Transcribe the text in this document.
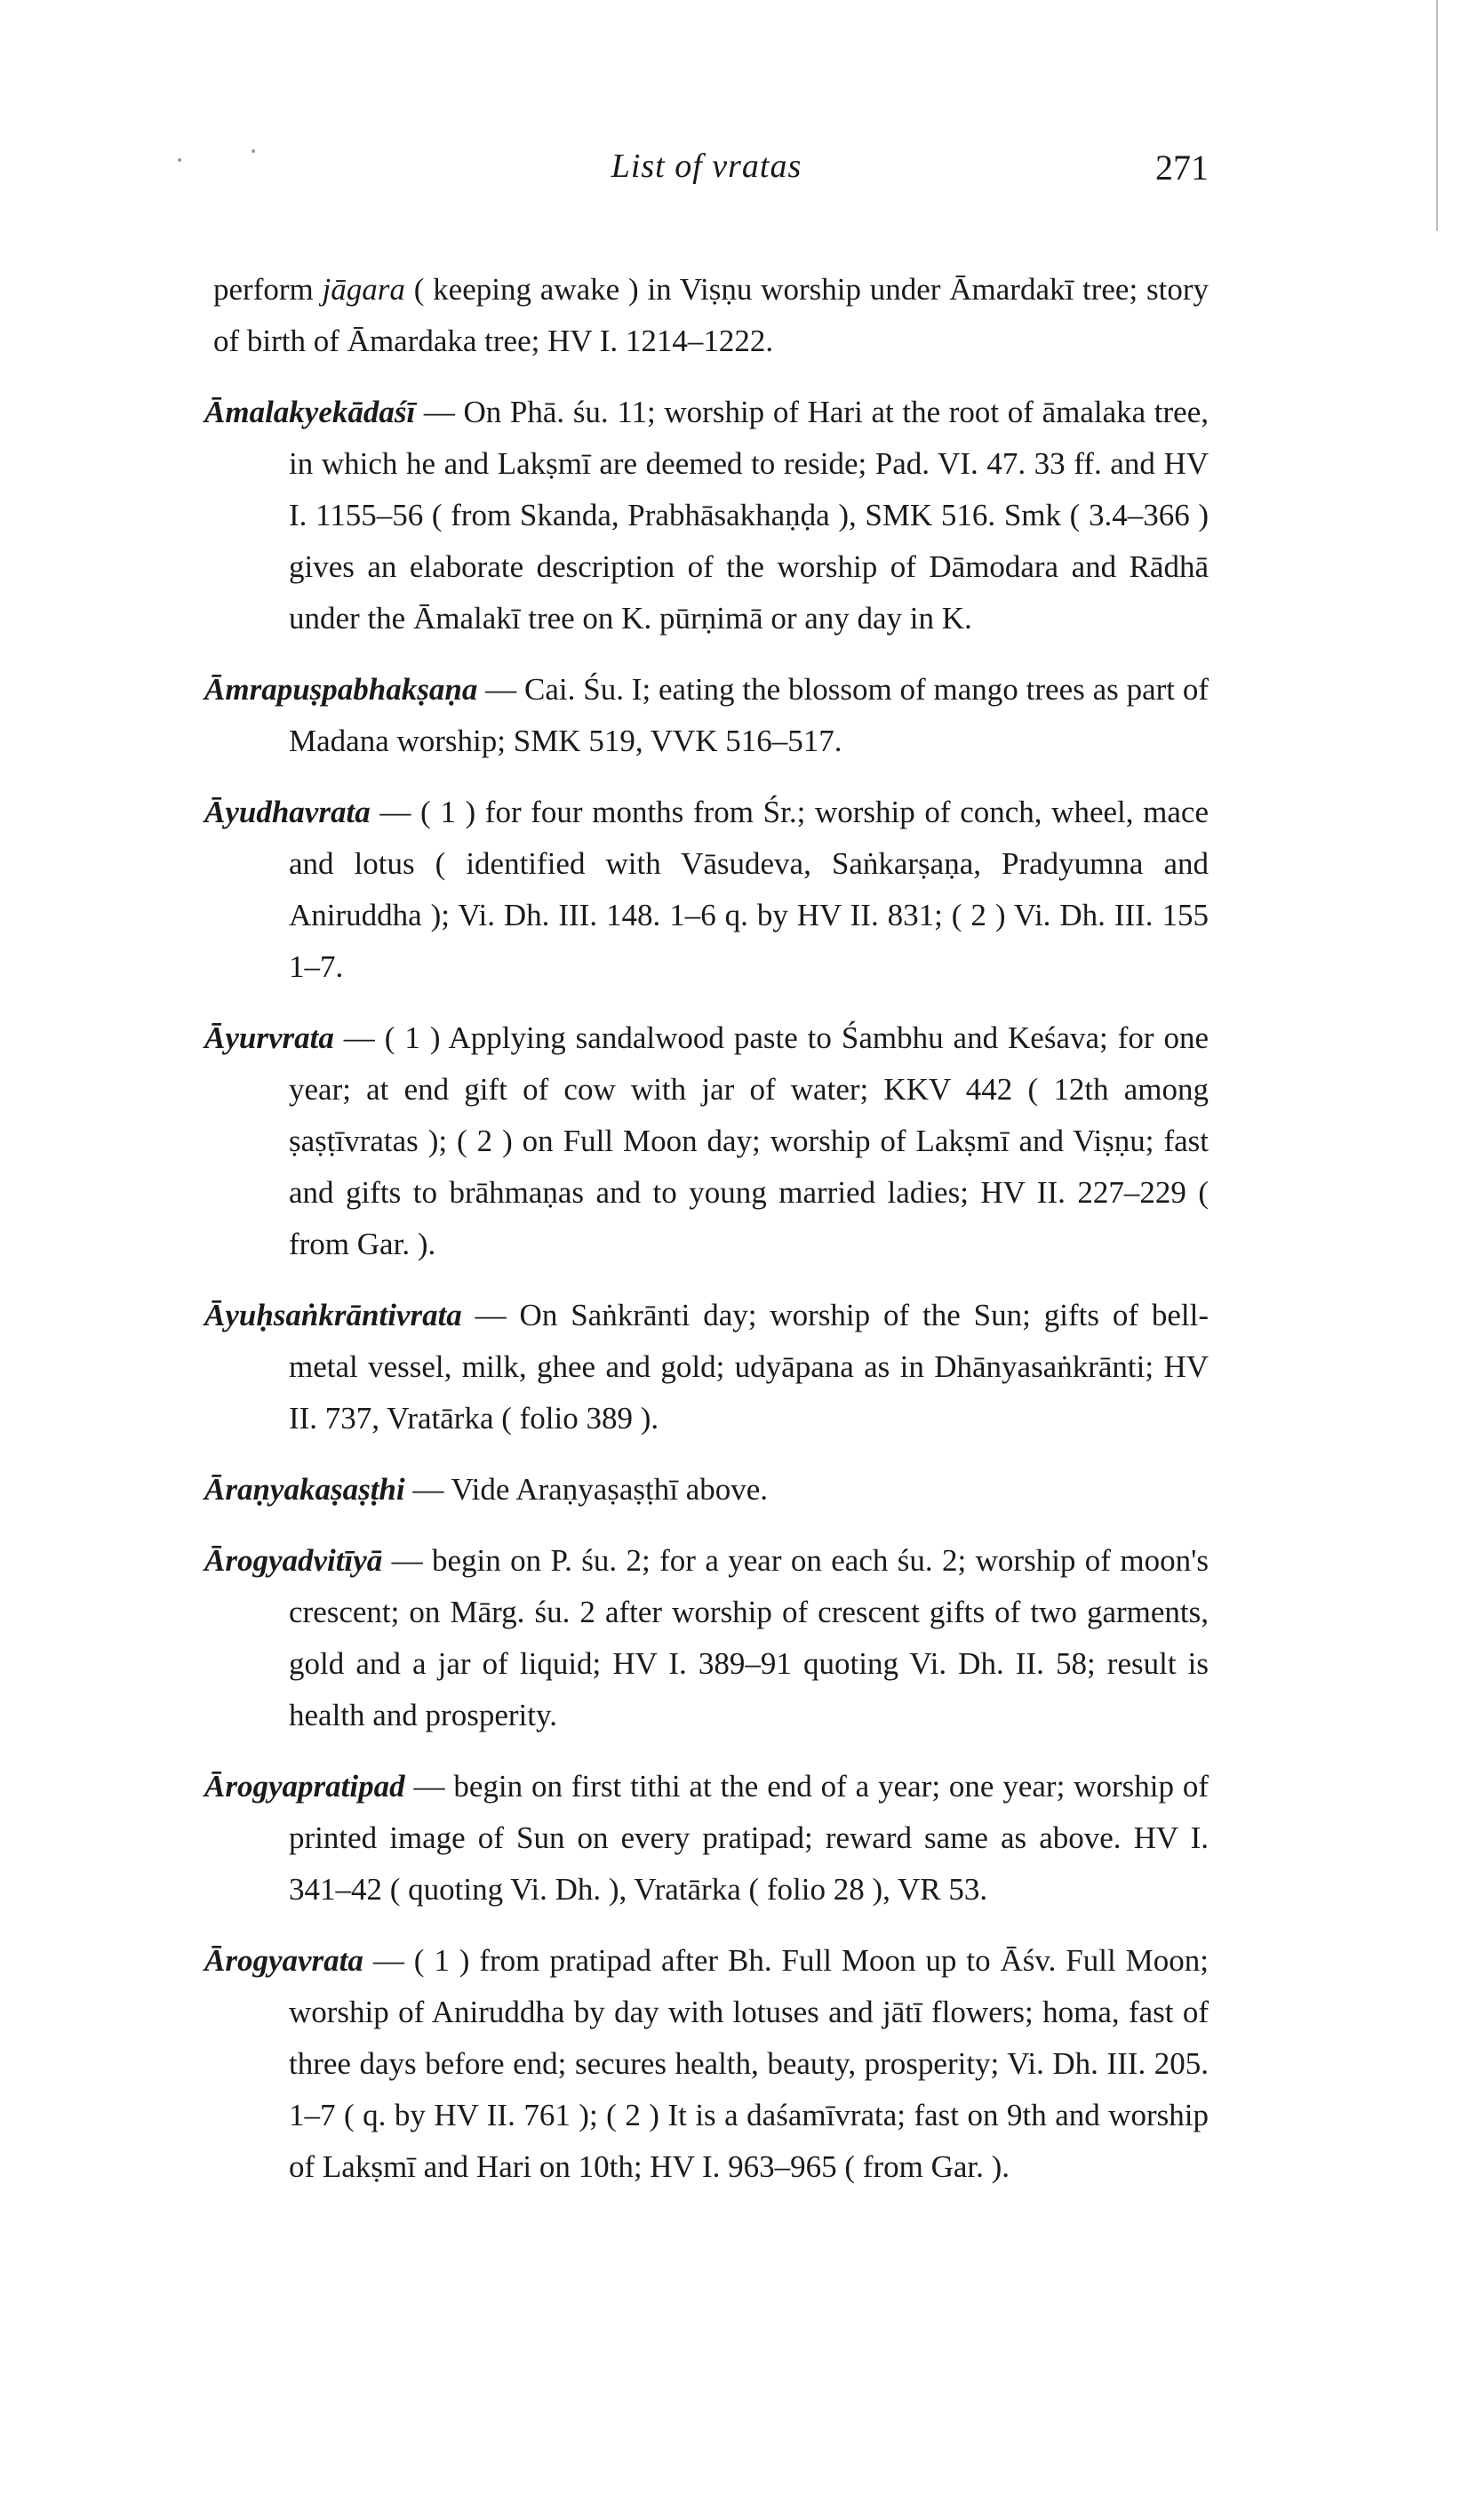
List of vratas	271

perform jāgara ( keeping awake ) in Viṣṇu worship under Āmardakī tree; story of birth of Āmardaka tree; HV I. 1214–1222.

Āmalakyekādaśī — On Phā. śu. 11; worship of Hari at the root of āmalaka tree, in which he and Lakṣmī are deemed to reside; Pad. VI. 47. 33 ff. and HV I. 1155–56 ( from Skanda, Prabhāsakhaṇḍa ), SMK 516. Smk ( 3.4–366 ) gives an elaborate description of the worship of Dāmodara and Rādhā under the Āmalakī tree on K. pūrṇimā or any day in K.

Āmrapuṣpabhakṣaṇa — Cai. Śu. I; eating the blossom of mango trees as part of Madana worship; SMK 519, VVK 516–517.

Āyudhavrata — ( 1 ) for four months from Śr.; worship of conch, wheel, mace and lotus ( identified with Vāsudeva, Saṅkarṣaṇa, Pradyumna and Aniruddha ); Vi. Dh. III. 148. 1–6 q. by HV II. 831; ( 2 ) Vi. Dh. III. 155 1–7.

Āyurvrata — ( 1 ) Applying sandalwood paste to Śambhu and Keśava; for one year; at end gift of cow with jar of water; KKV 442 ( 12th among ṣaṣṭīvratas ); ( 2 ) on Full Moon day; worship of Lakṣmī and Viṣṇu; fast and gifts to brāhmaṇas and to young married ladies; HV II. 227–229 ( from Gar. ).

Āyuḥsaṅkrāntivrata — On Saṅkrānti day; worship of the Sun; gifts of bell-metal vessel, milk, ghee and gold; udyāpana as in Dhānyasaṅkrānti; HV II. 737, Vratārka ( folio 389 ).

Āraṇyakaṣaṣṭhi — Vide Araṇyaṣaṣṭhī above.

Ārogyadvitīyā — begin on P. śu. 2; for a year on each śu. 2; worship of moon's crescent; on Mārg. śu. 2 after worship of crescent gifts of two garments, gold and a jar of liquid; HV I. 389–91 quoting Vi. Dh. II. 58; result is health and prosperity.

Ārogyapratipad — begin on first tithi at the end of a year; one year; worship of printed image of Sun on every pratipad; reward same as above. HV I. 341–42 ( quoting Vi. Dh. ), Vratārka ( folio 28 ), VR 53.

Ārogyavrata — ( 1 ) from pratipad after Bh. Full Moon up to Āśv. Full Moon; worship of Aniruddha by day with lotuses and jātī flowers; homa, fast of three days before end; secures health, beauty, prosperity; Vi. Dh. III. 205. 1–7 ( q. by HV II. 761 ); ( 2 ) It is a daśamīvrata; fast on 9th and worship of Lakṣmī and Hari on 10th; HV I. 963–965 ( from Gar. ).
